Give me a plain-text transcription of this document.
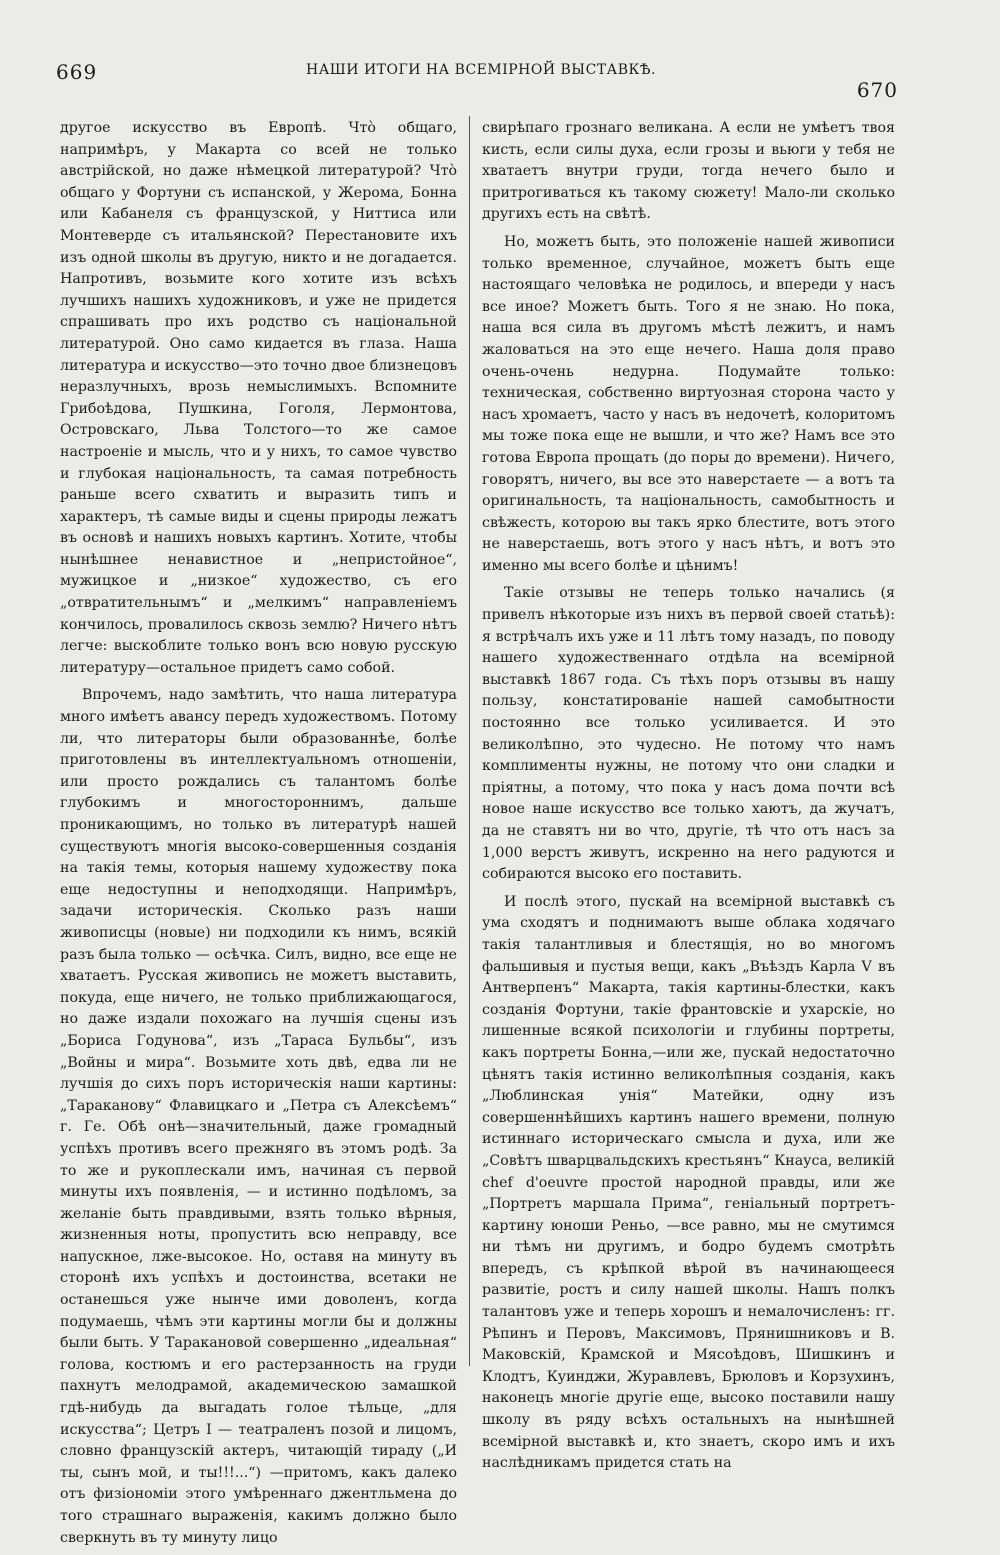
669	НАШИ ИТОГИ НА ВСЕМІРНОЙ ВЫСТАВКѢ.
670

другое искусство въ Европѣ. Чтò общаго, напримѣръ, у Макарта со всей не только австрійской, но даже нѣмецкой литературой? Чтò общаго у Фортуни съ испанской, у Жерома, Бонна или Кабанеля съ французской, у Ниттиса или Монтеверде съ итальянской? Перестановите ихъ изъ одной школы въ другую, никто и не догадается. Напротивъ, возьмите кого хотите изъ всѣхъ лучшихъ нашихъ художниковъ, и уже не придется спрашивать про ихъ родство съ національной литературой. Оно само кидается въ глаза. Наша литература и искусство—это точно двое близнецовъ неразлучныхъ, врозь немыслимыхъ. Вспомните Грибоѣдова, Пушкина, Гоголя, Лермонтова, Островскаго, Льва Толстого—то же самое настроеніе и мысль, что и у нихъ, то самое чувство и глубокая національность, та самая потребность раньше всего схватить и выразить типъ и характеръ, тѣ самые виды и сцены природы лежатъ въ основѣ и нашихъ новыхъ картинъ. Хотите, чтобы нынѣшнее ненавистное и „непристойное“, мужицкое и „низкое“ художество, съ его „отвратительнымъ“ и „мелкимъ“ направленіемъ кончилось, провалилось сквозь землю? Ничего нѣтъ легче: выскоблите только вонъ всю новую русскую литературу—остальное придетъ само собой.

Впрочемъ, надо замѣтить, что наша литература много имѣетъ авансу передъ художествомъ. Потому ли, что литераторы были образованнѣе, болѣе приготовлены въ интеллектуальномъ отношеніи, или просто рождались съ талантомъ болѣе глубокимъ и многостороннимъ, дальше проникающимъ, но только въ литературѣ нашей существуютъ многія высоко-совершенныя созданія на такія темы, которыя нашему художеству пока еще недоступны и неподходящи. Напримѣръ, задачи историческія. Сколько разъ наши живописцы (новые) ни подходили къ нимъ, всякій разъ была только — осѣчка. Силъ, видно, все еще не хватаетъ. Русская живопись не можетъ выставить, покуда, еще ничего, не только приближающагося, но даже издали похожаго на лучшія сцены изъ „Бориса Годунова“, изъ „Тараса Бульбы“, изъ „Войны и мира“. Возьмите хоть двѣ, едва ли не лучшія до сихъ поръ историческія наши картины: „Тараканову“ Флавицкаго и „Петра съ Алексѣемъ“ г. Ге. Обѣ онѣ—значительный, даже громадный успѣхъ противъ всего прежняго въ этомъ родѣ. За то же и рукоплескали имъ, начиная съ первой минуты ихъ появленія, — и истинно подѣломъ, за желаніе быть правдивыми, взять только вѣрныя, жизненныя ноты, пропустить всю неправду, все напускное, лже-высокое. Но, оставя на минуту въ сторонѣ ихъ успѣхъ и достоинства, всетаки не останешься уже нынче ими доволенъ, когда подумаешь, чѣмъ эти картины могли бы и должны были быть. У Таракановой совершенно „идеальная“ голова, костюмъ и его растерзанность на груди пахнутъ мелодрамой, академическою замашкой гдѣ-нибудь да выгадать голое тѣльце, „для искусства“; Цетръ I — театраленъ позой и лицомъ, словно французскій актеръ, читающій тираду („И ты, сынъ мой, и ты!!!...“) —притомъ, какъ далеко отъ физіономіи этого умѣреннаго джентльмена до того страшнаго выраженія, какимъ должно было сверкнуть въ ту минуту лицо

свирѣпаго грознаго великана. А если не умѣетъ твоя кисть, если силы духа, если грозы и вьюги у тебя не хватаетъ внутри груди, тогда нечего было и притрогиваться къ такому сюжету! Мало-ли сколько другихъ есть на свѣтѣ.

Но, можетъ быть, это положеніе нашей живописи только временное, случайное, можетъ быть еще настоящаго человѣка не родилось, и впереди у насъ все иное? Можетъ быть. Того я не знаю. Но пока, наша вся сила въ другомъ мѣстѣ лежитъ, и намъ жаловаться на это еще нечего. Наша доля право очень-очень недурна. Подумайте только: техническая, собственно виртуозная сторона часто у насъ хромаетъ, часто у насъ въ недочетѣ, колоритомъ мы тоже пока еще не вышли, и что же? Намъ все это готова Европа прощать (до поры до времени). Ничего, говорятъ, ничего, вы все это наверстаете — а вотъ та оригинальность, та національность, самобытность и свѣжесть, которою вы такъ ярко блестите, вотъ этого не наверстаешь, вотъ этого у насъ нѣтъ, и вотъ это именно мы всего болѣе и цѣнимъ!

Такіе отзывы не теперь только начались (я привелъ нѣкоторые изъ нихъ въ первой своей статьѣ): я встрѣчалъ ихъ уже и 11 лѣтъ тому назадъ, по поводу нашего художественнаго отдѣла на всемірной выставкѣ 1867 года. Съ тѣхъ поръ отзывы въ нашу пользу, констатированіе нашей самобытности постоянно все только усиливается. И это великолѣпно, это чудесно. Не потому что намъ комплименты нужны, не потому что они сладки и пріятны, а потому, что пока у насъ дома почти всѣ новое наше искусство все только хаютъ, да жучатъ, да не ставятъ ни во что, другіе, тѣ что отъ насъ за 1,000 верстъ живутъ, искренно на него радуются и собираются высоко его поставить.

И послѣ этого, пускай на всемірной выставкѣ съ ума сходятъ и поднимаютъ выше облака ходячаго такія талантливыя и блестящія, но во многомъ фальшивыя и пустыя вещи, какъ „Въѣздъ Карла V въ Антверпенъ“ Макарта, такія картины-блестки, какъ созданія Фортуни, такіе франтовскіе и ухарскіе, но лишенные всякой психологіи и глубины портреты, какъ портреты Бонна,—или же, пускай недостаточно цѣнятъ такія истинно великолѣпныя созданія, какъ „Люблинская унія“ Матейки, одну изъ совершеннѣйшихъ картинъ нашего времени, полную истиннаго историческаго смысла и духа, или же „Совѣтъ шварцвальдскихъ крестьянъ“ Кнауса, великій chef d'oeuvre простой народной правды, или же „Портретъ маршала Прима“, геніальный портретъ-картину юноши Реньо, —все равно, мы не смутимся ни тѣмъ ни другимъ, и бодро будемъ смотрѣть впередъ, съ крѣпкой вѣрой въ начинающееся развитіе, ростъ и силу нашей школы. Нашъ полкъ талантовъ уже и теперь хорошъ и немалочисленъ: гг. Рѣпинъ и Перовъ, Максимовъ, Прянишниковъ и В. Маковскій, Крамской и Мясоѣдовъ, Шишкинъ и Клодтъ, Куинджи, Журавлевъ, Брюловъ и Корзухинъ, наконецъ многіе другіе еще, высоко поставили нашу школу въ ряду всѣхъ остальныхъ на нынѣшней всемірной выставкѣ и, кто знаетъ, скоро имъ и ихъ наслѣдникамъ придется стать на
